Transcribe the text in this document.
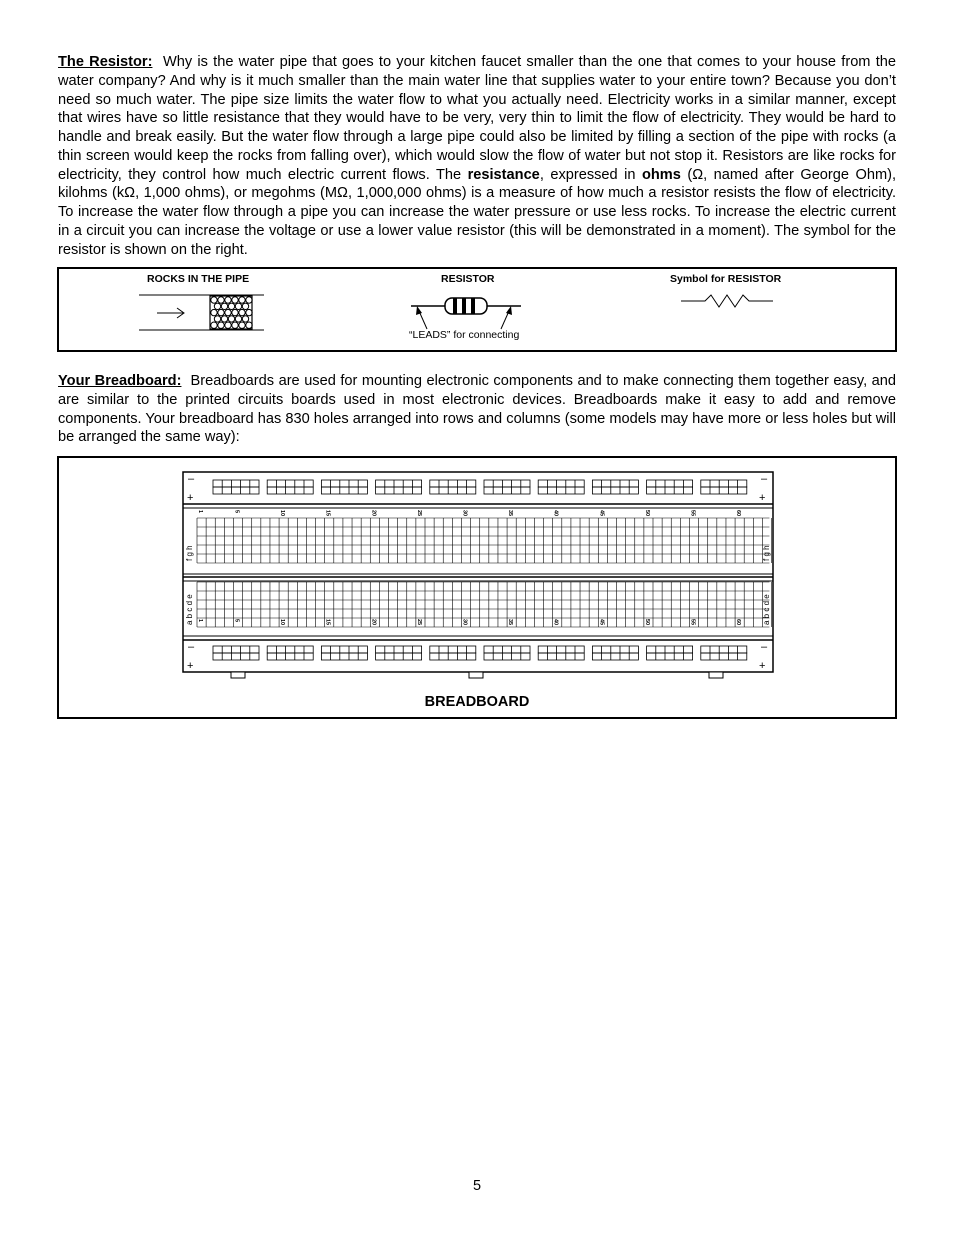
The Resistor: Why is the water pipe that goes to your kitchen faucet smaller than the one that comes to your house from the water company? And why is it much smaller than the main water line that supplies water to your entire town? Because you don’t need so much water. The pipe size limits the water flow to what you actually need. Electricity works in a similar manner, except that wires have so little resistance that they would have to be very, very thin to limit the flow of electricity. They would be hard to handle and break easily. But the water flow through a large pipe could also be limited by filling a section of the pipe with rocks (a thin screen would keep the rocks from falling over), which would slow the flow of water but not stop it. Resistors are like rocks for electricity, they control how much electric current flows. The resistance, expressed in ohms (Ω, named after George Ohm), kilohms (kΩ, 1,000 ohms), or megohms (MΩ, 1,000,000 ohms) is a measure of how much a resistor resists the flow of electricity. To increase the water flow through a pipe you can increase the water pressure or use less rocks. To increase the electric current in a circuit you can increase the voltage or use a lower value resistor (this will be demonstrated in a moment). The symbol for the resistor is shown on the right.

ROCKS IN THE PIPE	RESISTOR	Symbol for RESISTOR
“LEADS” for connecting

Your Breadboard: Breadboards are used for mounting electronic components and to make connecting them together easy, and are similar to the printed circuits boards used in most electronic devices. Breadboards make it easy to add and remove components. Your breadboard has 830 holes arranged into rows and columns (some models may have more or less holes but will be arranged the same way):

1
1
5
5
10
10
15
15
20
20
25
25
30
30
35
35
40
40
45
45
50
50
55
55
60
60
–
+
–
+
–
+
–
+
f g h	f g h
a b c d e	a b c d e
BREADBOARD
5
